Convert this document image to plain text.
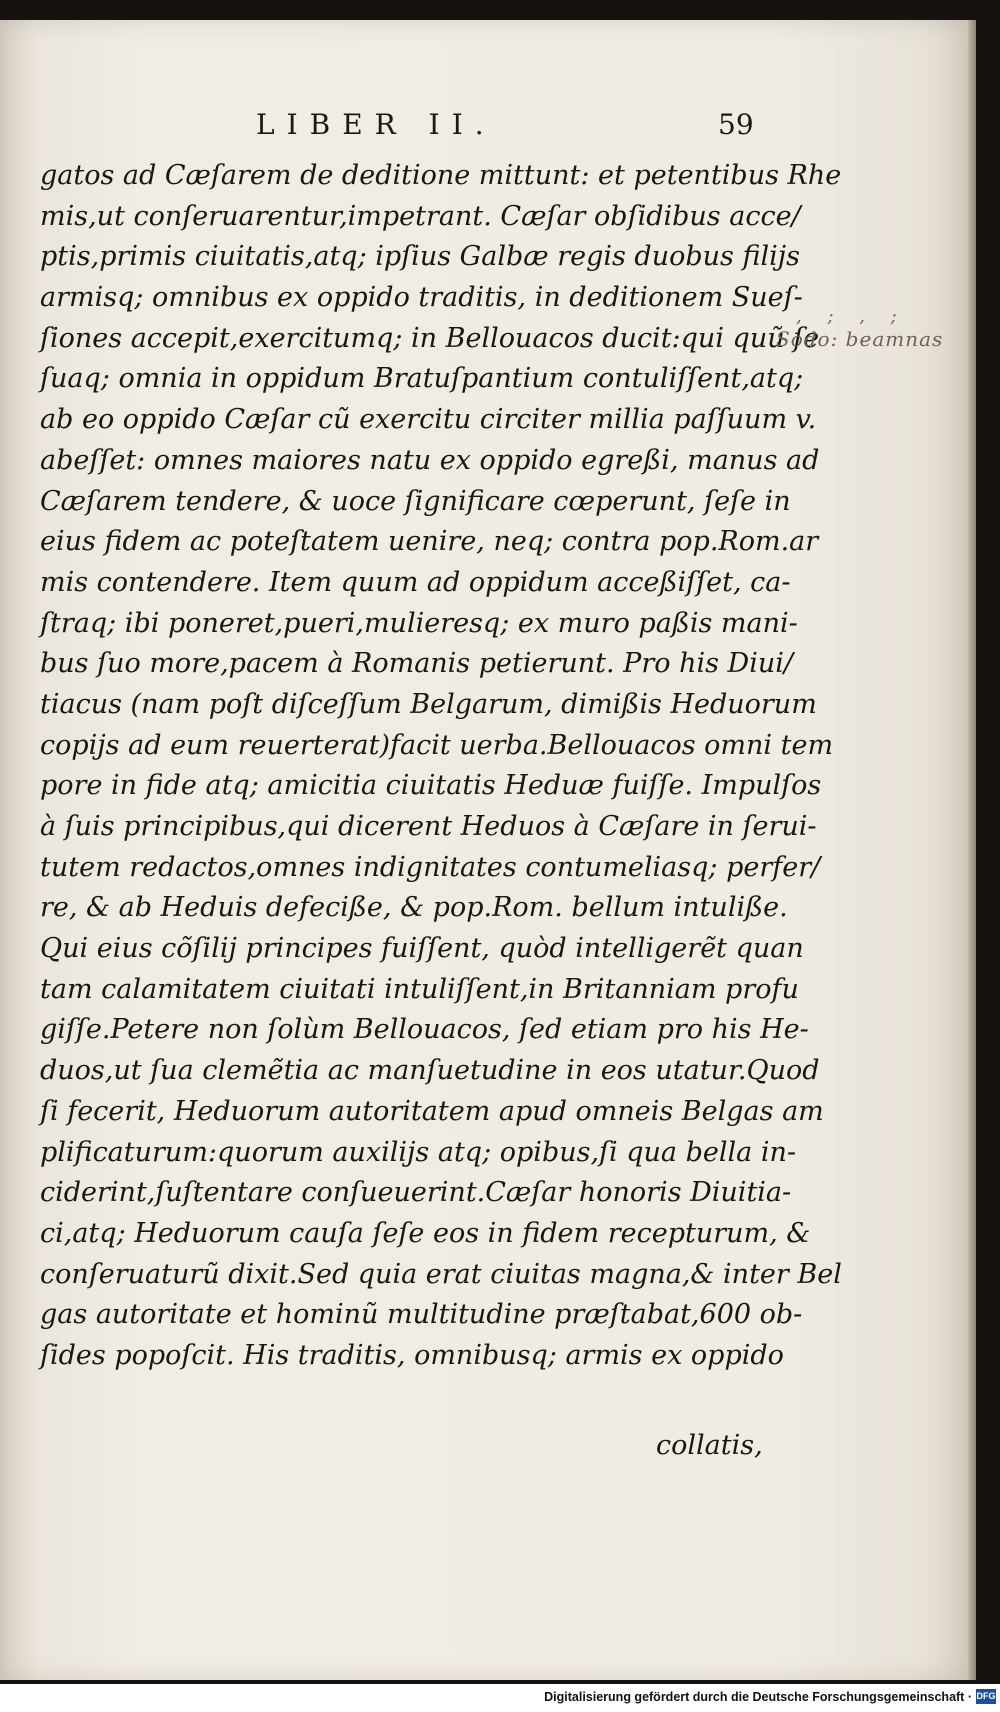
LIBER II.	59
gatos ad Cæſarem de deditione mittunt: et petentibus Rhe
mis,ut conſeruarentur,impetrant. Cæſar obſidibus acce/
ptis,primis ciuitatis,atq; ipſius Galbæ regis duobus filijs
armisq; omnibus ex oppido traditis, in deditionem Sueſ-
ſiones accepit,exercitumq; in Bellouacos ducit:qui quũ ſe
ſuaq; omnia in oppidum Bratuſpantium contuliſſent,atq;
ab eo oppido Cæſar cũ exercitu circiter millia paſſuum v.
abeſſet: omnes maiores natu ex oppido egreßi, manus ad
Cæſarem tendere, & uoce ſignificare cœperunt, ſeſe in
eius fidem ac poteſtatem uenire, neq; contra pop.Rom.ar
mis contendere. Item quum ad oppidum acceßiſſet, ca-
ſtraq; ibi poneret,pueri,mulieresq; ex muro paßis mani-
bus ſuo more,pacem à Romanis petierunt. Pro his Diui/
tiacus (nam poſt diſceſſum Belgarum, dimißis Heduorum
copijs ad eum reuerterat)facit uerba.Bellouacos omni tem
pore in fide atq; amicitia ciuitatis Heduæ fuiſſe. Impulſos
à ſuis principibus,qui dicerent Heduos à Cæſare in ſerui-
tutem redactos,omnes indignitates contumeliasq; perfer/
re, & ab Heduis defeciße, & pop.Rom. bellum intuliße.
Qui eius cõſilij principes fuiſſent, quòd intelligerẽt quan
tam calamitatem ciuitati intuliſſent,in Britanniam profu
giſſe.Petere non ſolùm Bellouacos, ſed etiam pro his He-
duos,ut ſua clemẽtia ac manſuetudine in eos utatur.Quod
ſi fecerit, Heduorum autoritatem apud omneis Belgas am
plificaturum:quorum auxilijs atq; opibus,ſi qua bella in-
ciderint,ſuſtentare conſueuerint.Cæſar honoris Diuitia-
ci,atq; Heduorum cauſa ſeſe eos in fidem recepturum, &
conſeruaturũ dixit.Sed quia erat ciuitas magna,& inter Bel
gas autoritate et hominũ multitudine præſtabat,600 ob-
ſides popoſcit. His traditis, omnibusq; armis ex oppido
collatis,
, ; , ;
Sodo: beamnas
Digitalisierung gefördert durch die Deutsche Forschungsgemeinschaft · DFG
